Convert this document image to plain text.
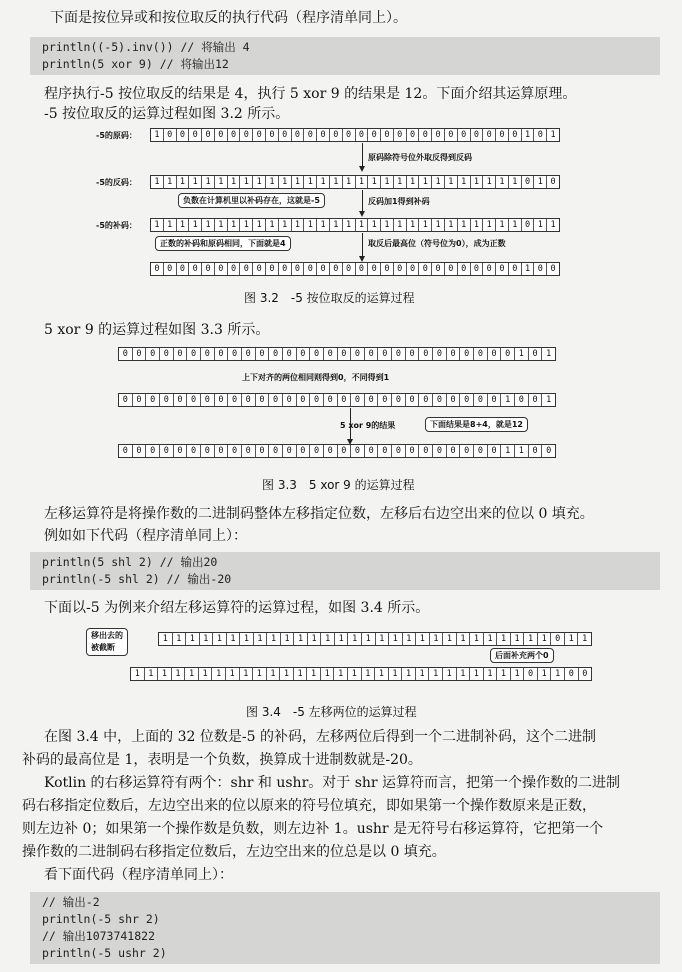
下面是按位异或和按位取反的执行代码（程序清单同上）。
println((-5).inv()) // 将输出 4
println(5 xor 9) // 将输出12
程序执行-5 按位取反的结果是 4，执行 5 xor 9 的结果是 12。下面介绍其运算原理。
-5 按位取反的运算过程如图 3.2 所示。
-5的原码：	1 0 0 0 0 0 0 0 0 0 0 0 0 0 0 0 0 0 0 0 0 0 0 0 0 0 0 0 0 1 0 1
原码除符号位外取反得到反码
-5的反码：	1 1 1 1 1 1 1 1 1 1 1 1 1 1 1 1 1 1 1 1 1 1 1 1 1 1 1 1 1 0 1 0
反码加1得到补码
负数在计算机里以补码存在，这就是-5
-5的补码：	1 1 1 1 1 1 1 1 1 1 1 1 1 1 1 1 1 1 1 1 1 1 1 1 1 1 1 1 1 0 1 1
取反后最高位（符号位为0），成为正数
正数的补码和原码相同，下面就是4
0 0 0 0 0 0 0 0 0 0 0 0 0 0 0 0 0 0 0 0 0 0 0 0 0 0 0 0 0 1 0 0
图 3.2　-5 按位取反的运算过程
5 xor 9 的运算过程如图 3.3 所示。
0	0	0	0	0	0	0	0	0	0	0	0	0	0	0	0	0	0	0	0	0	0	0	0	0	0	0	0	0	1	0	1
上下对齐的两位相同则得到0，不同得到1
0	0	0	0	0	0	0	0	0	0	0	0	0	0	0	0	0	0	0	0	0	0	0	0	0	0	0	0	1	0	0	1
5 xor 9的结果	下面结果是8+4，就是12
0	0	0	0	0	0	0	0	0	0	0	0	0	0	0	0	0	0	0	0	0	0	0	0	0	0	0	0	1	1	0	0
图 3.3　5 xor 9 的运算过程
左移运算符是将操作数的二进制码整体左移指定位数，左移后右边空出来的位以 0 填充。
例如如下代码（程序清单同上）：
println(5 shl 2) // 输出20
println(-5 shl 2) // 输出-20
下面以-5 为例来介绍左移运算符的运算过程，如图 3.4 所示。
移出去的
被截断
1 1 1 1 1 1 1 1 1 1 1 1 1 1 1 1 1 1 1 1 1 1 1 1 1 1 1 1 1 0 1 1
后面补充两个0
1 1 1 1 1 1 1 1 1 1 1 1 1 1 1 1 1 1 1 1 1 1 1 1 1 1 1 1 1 0 1 1 0 0
图 3.4　-5 左移两位的运算过程
在图 3.4 中，上面的 32 位数是-5 的补码，左移两位后得到一个二进制补码，这个二进制
补码的最高位是 1，表明是一个负数，换算成十进制数就是-20。
Kotlin 的右移运算符有两个：shr 和 ushr。对于 shr 运算符而言，把第一个操作数的二进制
码右移指定位数后，左边空出来的位以原来的符号位填充，即如果第一个操作数原来是正数，
则左边补 0；如果第一个操作数是负数，则左边补 1。ushr 是无符号右移运算符，它把第一个
操作数的二进制码右移指定位数后，左边空出来的位总是以 0 填充。
看下面代码（程序清单同上）：
// 输出-2
println(-5 shr 2)
// 输出1073741822
println(-5 ushr 2)
